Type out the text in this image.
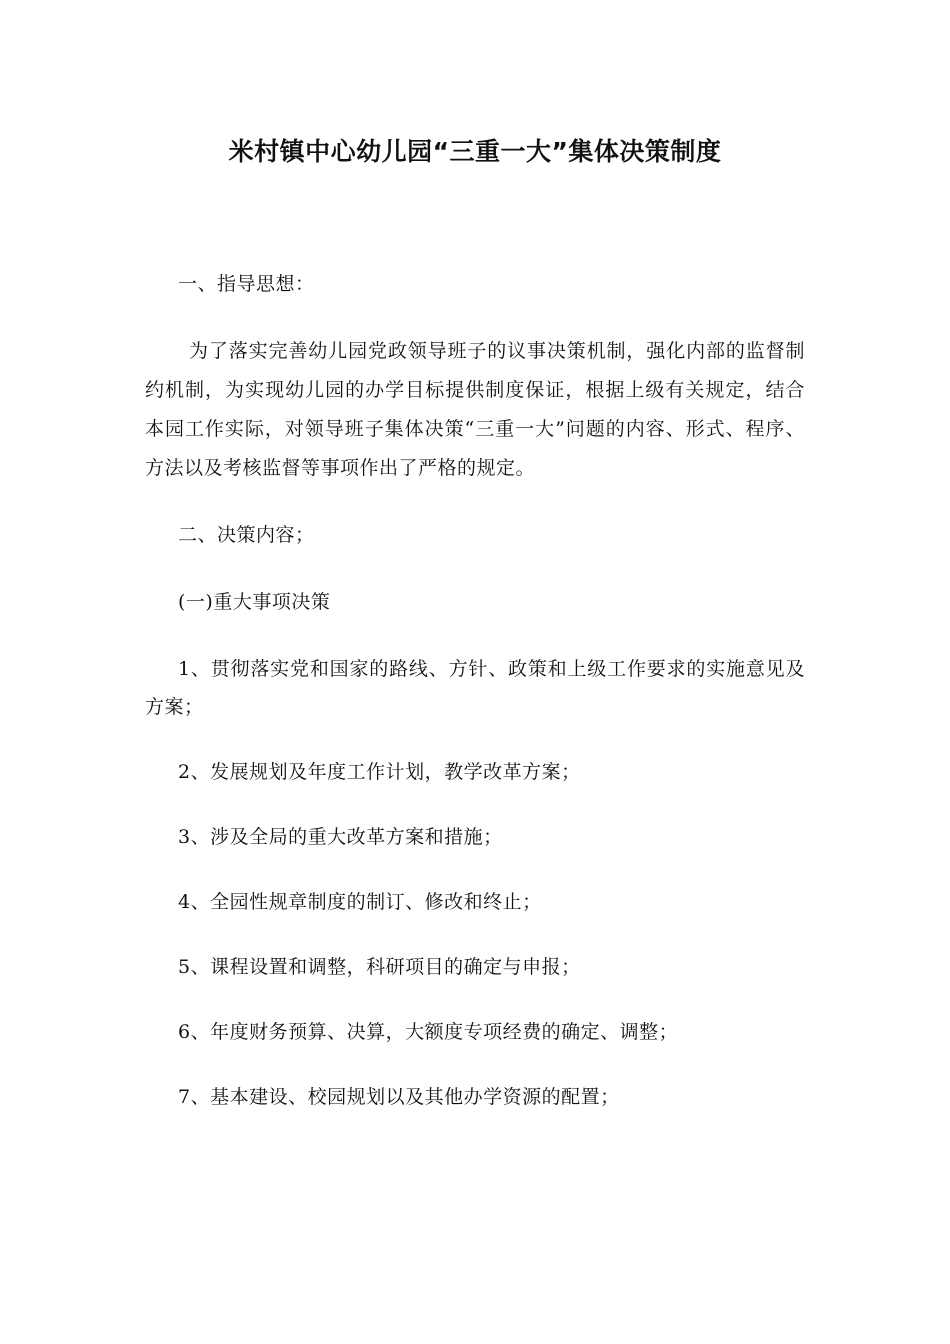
米村镇中心幼儿园“三重一大”集体决策制度

一、指导思想：

为了落实完善幼儿园党政领导班子的议事决策机制，强化内部的监督制约机制，为实现幼儿园的办学目标提供制度保证，根据上级有关规定，结合本园工作实际，对领导班子集体决策“三重一大”问题的内容、形式、程序、方法以及考核监督等事项作出了严格的规定。

二、决策内容；

(一)重大事项决策

1、贯彻落实党和国家的路线、方针、政策和上级工作要求的实施意见及方案；

2、发展规划及年度工作计划，教学改革方案；

3、涉及全局的重大改革方案和措施；

4、全园性规章制度的制订、修改和终止；

5、课程设置和调整，科研项目的确定与申报；

6、年度财务预算、决算，大额度专项经费的确定、调整；

7、基本建设、校园规划以及其他办学资源的配置；
